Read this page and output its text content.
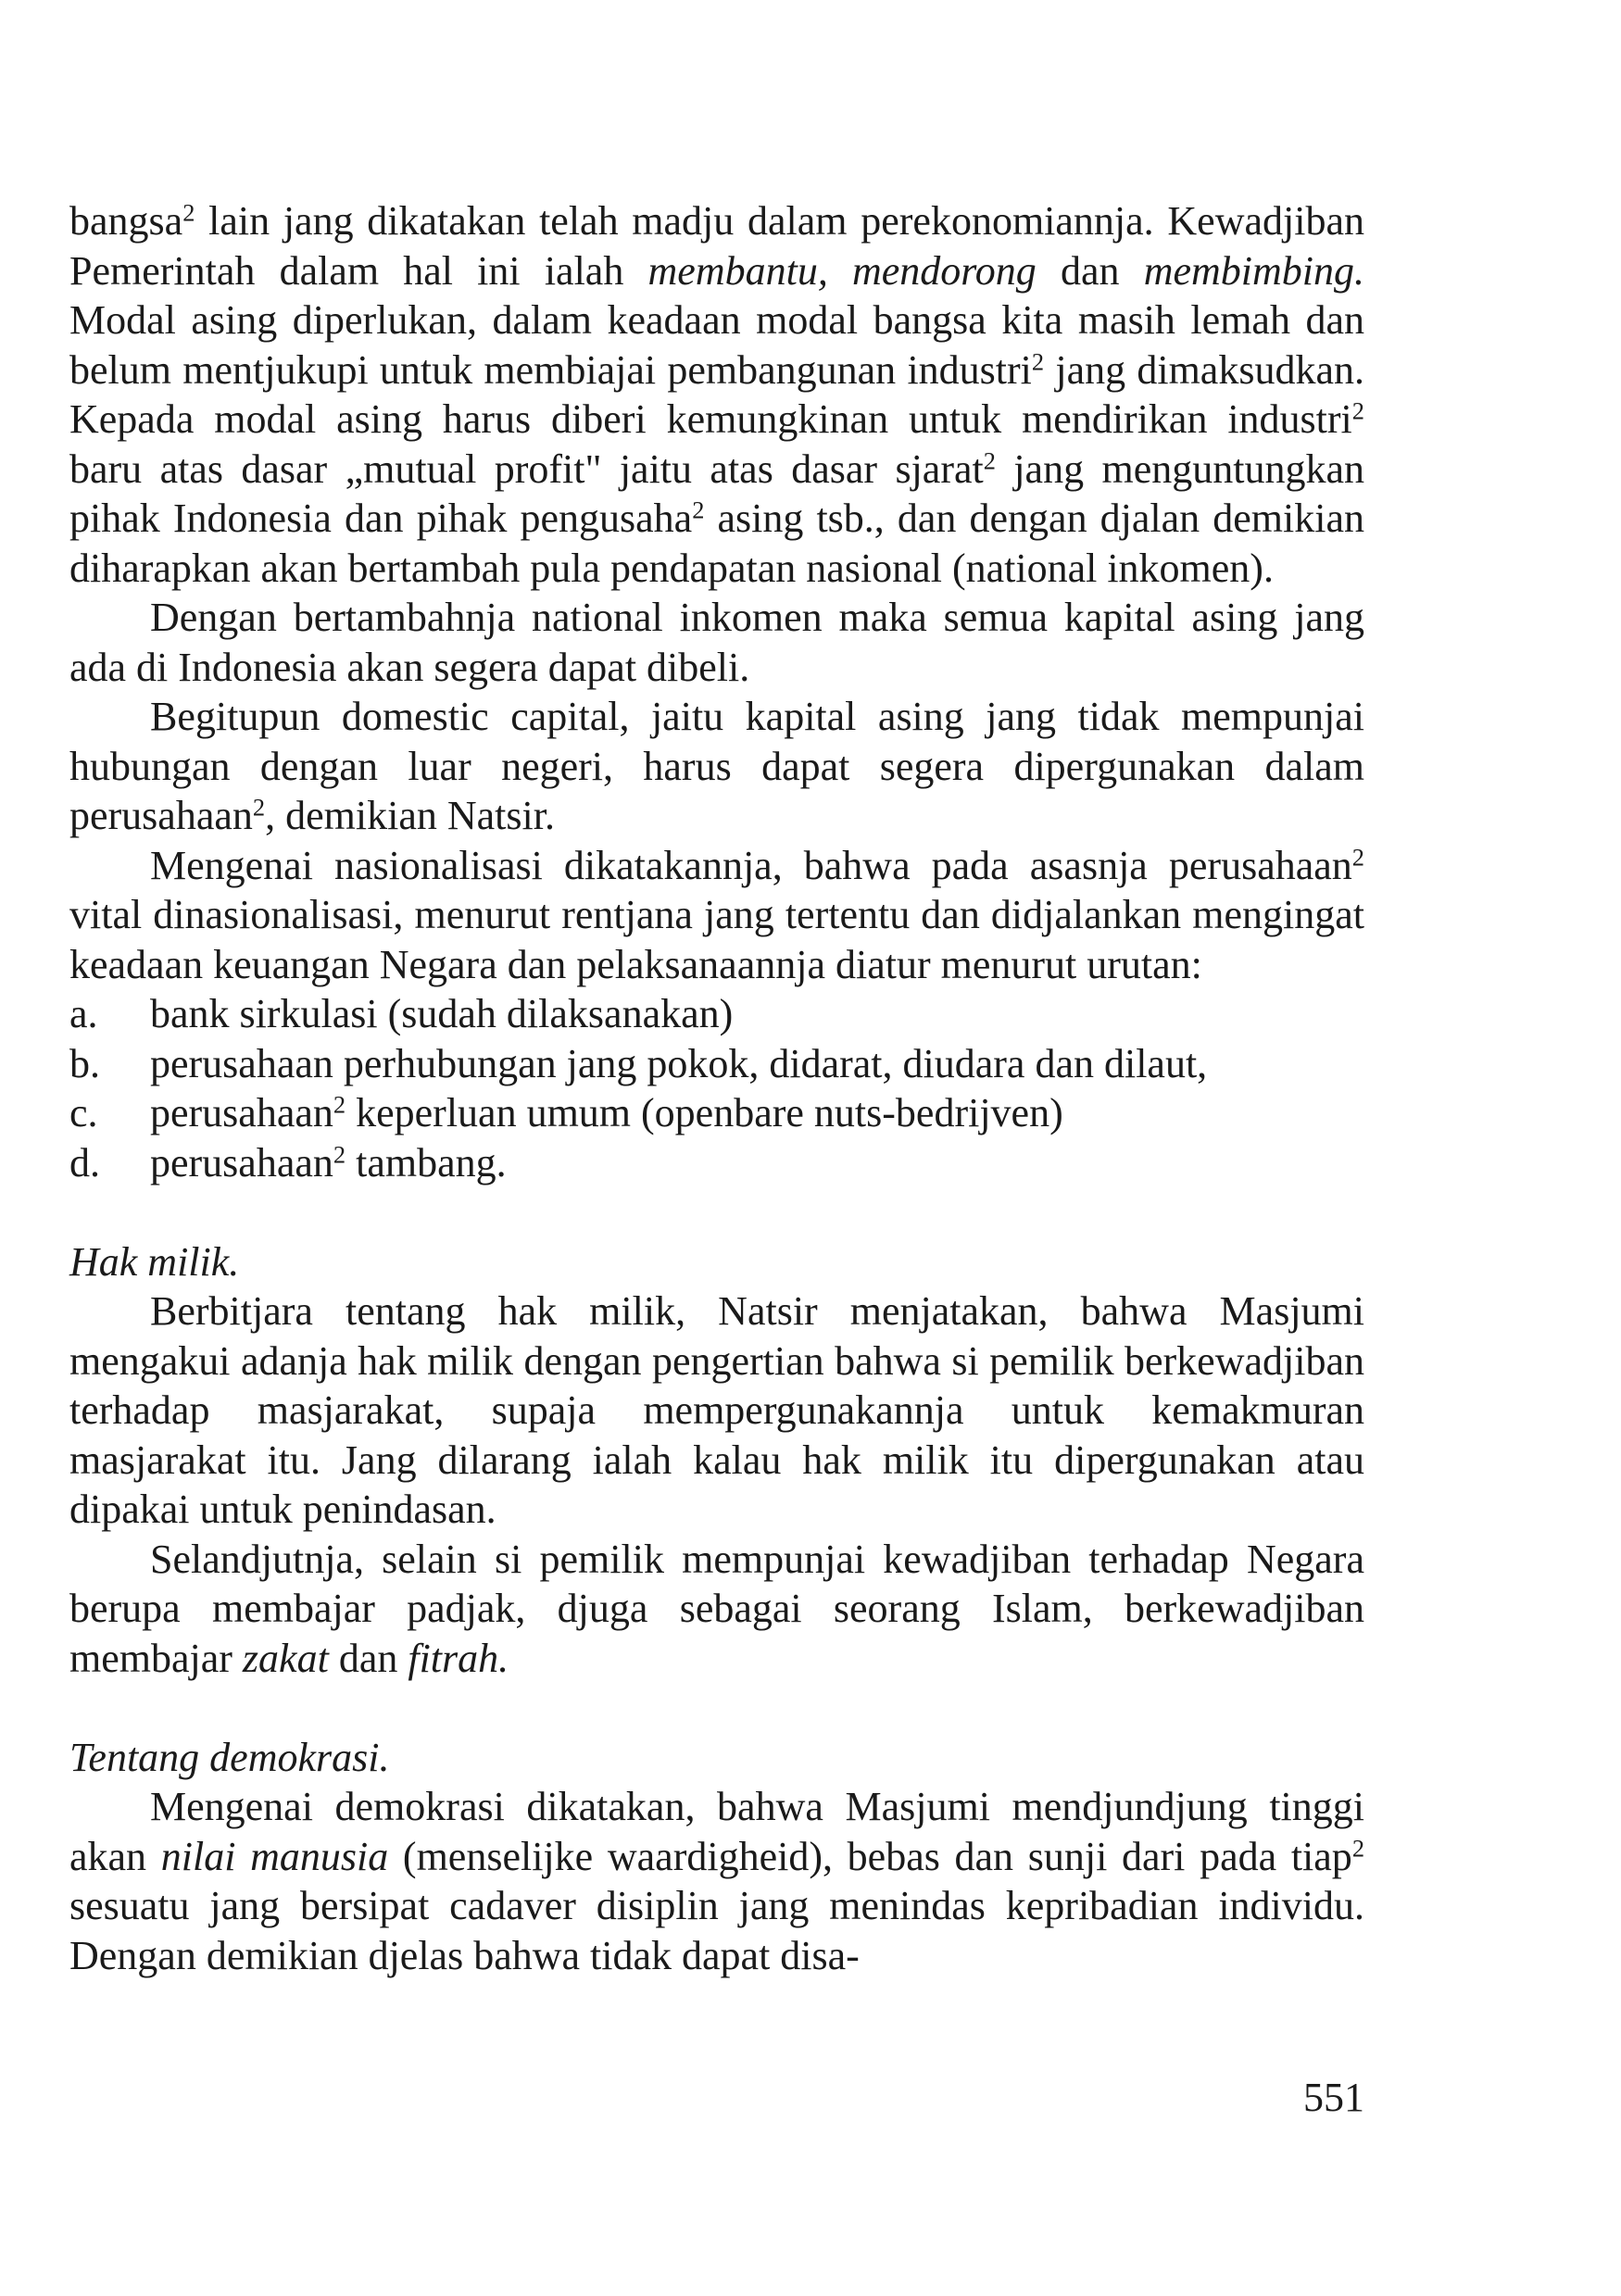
bangsa$^2$ lain jang dikatakan telah madju dalam perekonomiannja. Kewadjiban Pemerintah dalam hal ini ialah membantu, mendorong dan membimbing. Modal asing diperlukan, dalam keadaan modal bangsa kita masih lemah dan belum mentjukupi untuk membiajai pembangunan industri$^2$ jang dimaksudkan. Kepada modal asing harus diberi kemungkinan untuk mendirikan industri$^2$ baru atas dasar „mutual profit" jaitu atas dasar sjarat$^2$ jang menguntungkan pihak Indonesia dan pihak pengusaha$^2$ asing tsb., dan dengan djalan demikian diharapkan akan bertambah pula pendapatan nasional (national inkomen).

Dengan bertambahnja national inkomen maka semua kapital asing jang ada di Indonesia akan segera dapat dibeli.

Begitupun domestic capital, jaitu kapital asing jang tidak mempunjai hubungan dengan luar negeri, harus dapat segera dipergunakan dalam perusahaan$^2$, demikian Natsir.

Mengenai nasionalisasi dikatakannja, bahwa pada asasnja perusahaan$^2$ vital dinasionalisasi, menurut rentjana jang tertentu dan didjalankan mengingat keadaan keuangan Negara dan pelaksanaannja diatur menurut urutan:

a.	bank sirkulasi (sudah dilaksanakan)
b.	perusahaan perhubungan jang pokok, didarat, diudara dan dilaut,
c.	perusahaan$^2$ keperluan umum (openbare nuts-bedrijven)
d.	perusahaan$^2$ tambang.

Hak milik.

Berbitjara tentang hak milik, Natsir menjatakan, bahwa Masjumi mengakui adanja hak milik dengan pengertian bahwa si pemilik berkewadjiban terhadap masjarakat, supaja mempergunakannja untuk kemakmuran masjarakat itu. Jang dilarang ialah kalau hak milik itu dipergunakan atau dipakai untuk penindasan.

Selandjutnja, selain si pemilik mempunjai kewadjiban terhadap Negara berupa membajar padjak, djuga sebagai seorang Islam, berkewadjiban membajar zakat dan fitrah.

Tentang demokrasi.

Mengenai demokrasi dikatakan, bahwa Masjumi mendjundjung tinggi akan nilai manusia (menselijke waardigheid), bebas dan sunji dari pada tiap$^2$ sesuatu jang bersipat cadaver disiplin jang menindas kepribadian individu. Dengan demikian djelas bahwa tidak dapat disa-

551
